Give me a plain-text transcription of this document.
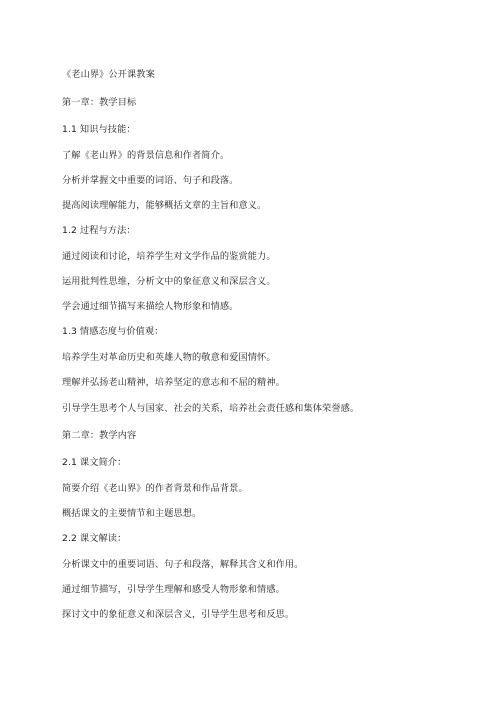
《老山界》公开课教案
第一章：教学目标
1.1 知识与技能：
了解《老山界》的背景信息和作者简介。
分析并掌握文中重要的词语、句子和段落。
提高阅读理解能力，能够概括文章的主旨和意义。
1.2 过程与方法：
通过阅读和讨论，培养学生对文学作品的鉴赏能力。
运用批判性思维，分析文中的象征意义和深层含义。
学会通过细节描写来描绘人物形象和情感。
1.3 情感态度与价值观：
培养学生对革命历史和英雄人物的敬意和爱国情怀。
理解并弘扬老山精神，培养坚定的意志和不屈的精神。
引导学生思考个人与国家、社会的关系，培养社会责任感和集体荣誉感。
第二章：教学内容
2.1 课文简介：
简要介绍《老山界》的作者背景和作品背景。
概括课文的主要情节和主题思想。
2.2 课文解读：
分析课文中的重要词语、句子和段落，解释其含义和作用。
通过细节描写，引导学生理解和感受人物形象和情感。
探讨文中的象征意义和深层含义，引导学生思考和反思。
